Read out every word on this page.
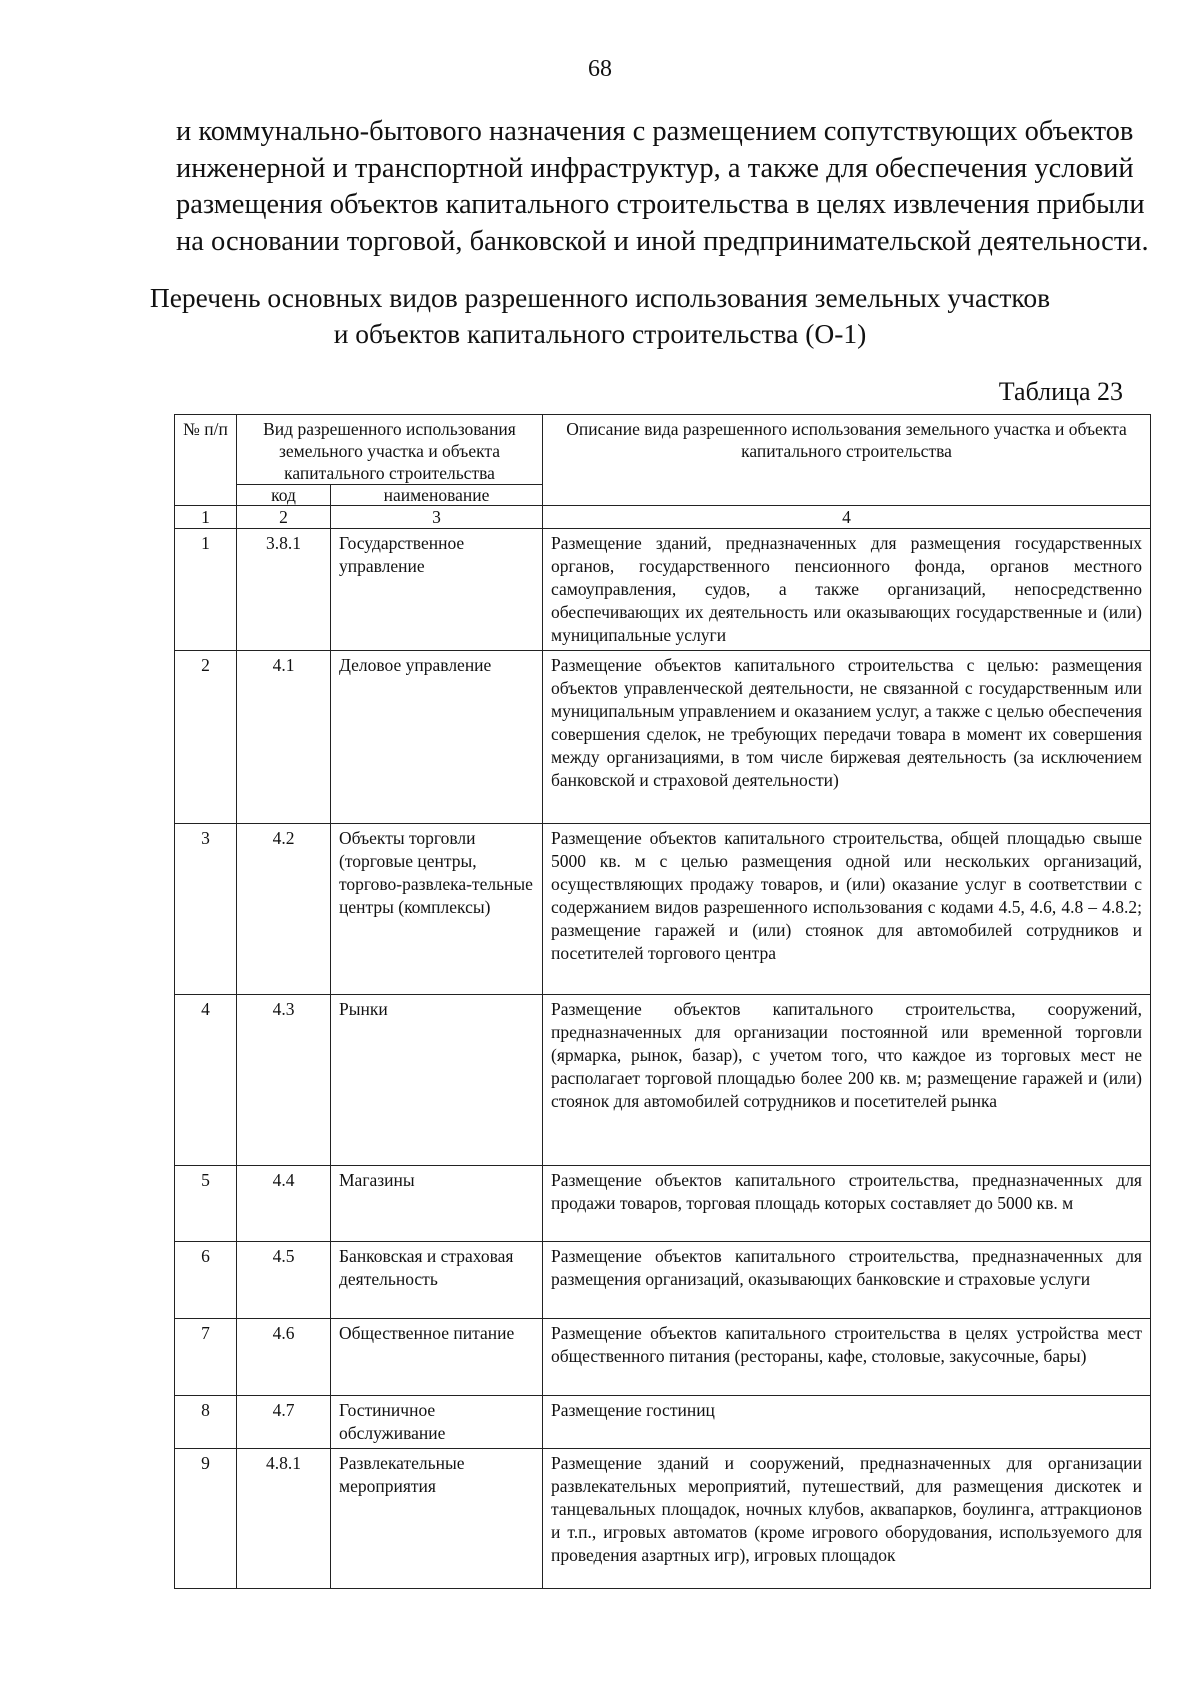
68
и коммунально-бытового назначения с размещением сопутствующих объектов
инженерной и транспортной инфраструктур, а также для обеспечения условий
размещения объектов капитального строительства в целях извлечения прибыли
на основании торговой, банковской и иной предпринимательской деятельности.
Перечень основных видов разрешенного использования земельных участков
и объектов капитального строительства (О-1)
Таблица 23
№ п/п	Вид разрешенного использования земельного участка и объекта капитального строительства		Описание вида разрешенного использования земельного участка и объекта капитального строительства
	код	наименование	
1	2	3	4
1	3.8.1	Государственное управление	Размещение зданий, предназначенных для размещения государственных органов, государственного пенсионного фонда, органов местного самоуправления, судов, а также организаций, непосредственно обеспечивающих их деятельность или оказывающих государственные и (или) муниципальные услуги
2	4.1	Деловое управление	Размещение объектов капитального строительства с целью: размещения объектов управленческой деятельности, не связанной с государственным или муниципальным управлением и оказанием услуг, а также с целью обеспечения совершения сделок, не требующих передачи товара в момент их совершения между организациями, в том числе биржевая деятельность (за исключением банковской и страховой деятельности)
3	4.2	Объекты торговли (торговые центры, торгово-развлека-тельные центры (комплексы)	Размещение объектов капитального строительства, общей площадью свыше 5000 кв. м с целью размещения одной или нескольких организаций, осуществляющих продажу товаров, и (или) оказание услуг в соответствии с содержанием видов разрешенного использования с кодами 4.5, 4.6, 4.8 – 4.8.2; размещение гаражей и (или) стоянок для автомобилей сотрудников и посетителей торгового центра
4	4.3	Рынки	Размещение объектов капитального строительства, сооружений, предназначенных для организации постоянной или временной торговли (ярмарка, рынок, базар), с учетом того, что каждое из торговых мест не располагает торговой площадью более 200 кв. м; размещение гаражей и (или) стоянок для автомобилей сотрудников и посетителей рынка
5	4.4	Магазины	Размещение объектов капитального строительства, предназначенных для продажи товаров, торговая площадь которых составляет до 5000 кв. м
6	4.5	Банковская и страховая деятельность	Размещение объектов капитального строительства, предназначенных для размещения организаций, оказывающих банковские и страховые услуги
7	4.6	Общественное питание	Размещение объектов капитального строительства в целях устройства мест общественного питания (рестораны, кафе, столовые, закусочные, бары)
8	4.7	Гостиничное обслуживание	Размещение гостиниц
9	4.8.1	Развлекательные мероприятия	Размещение зданий и сооружений, предназначенных для организации развлекательных мероприятий, путешествий, для размещения дискотек и танцевальных площадок, ночных клубов, аквапарков, боулинга, аттракционов и т.п., игровых автоматов (кроме игрового оборудования, используемого для проведения азартных игр), игровых площадок
